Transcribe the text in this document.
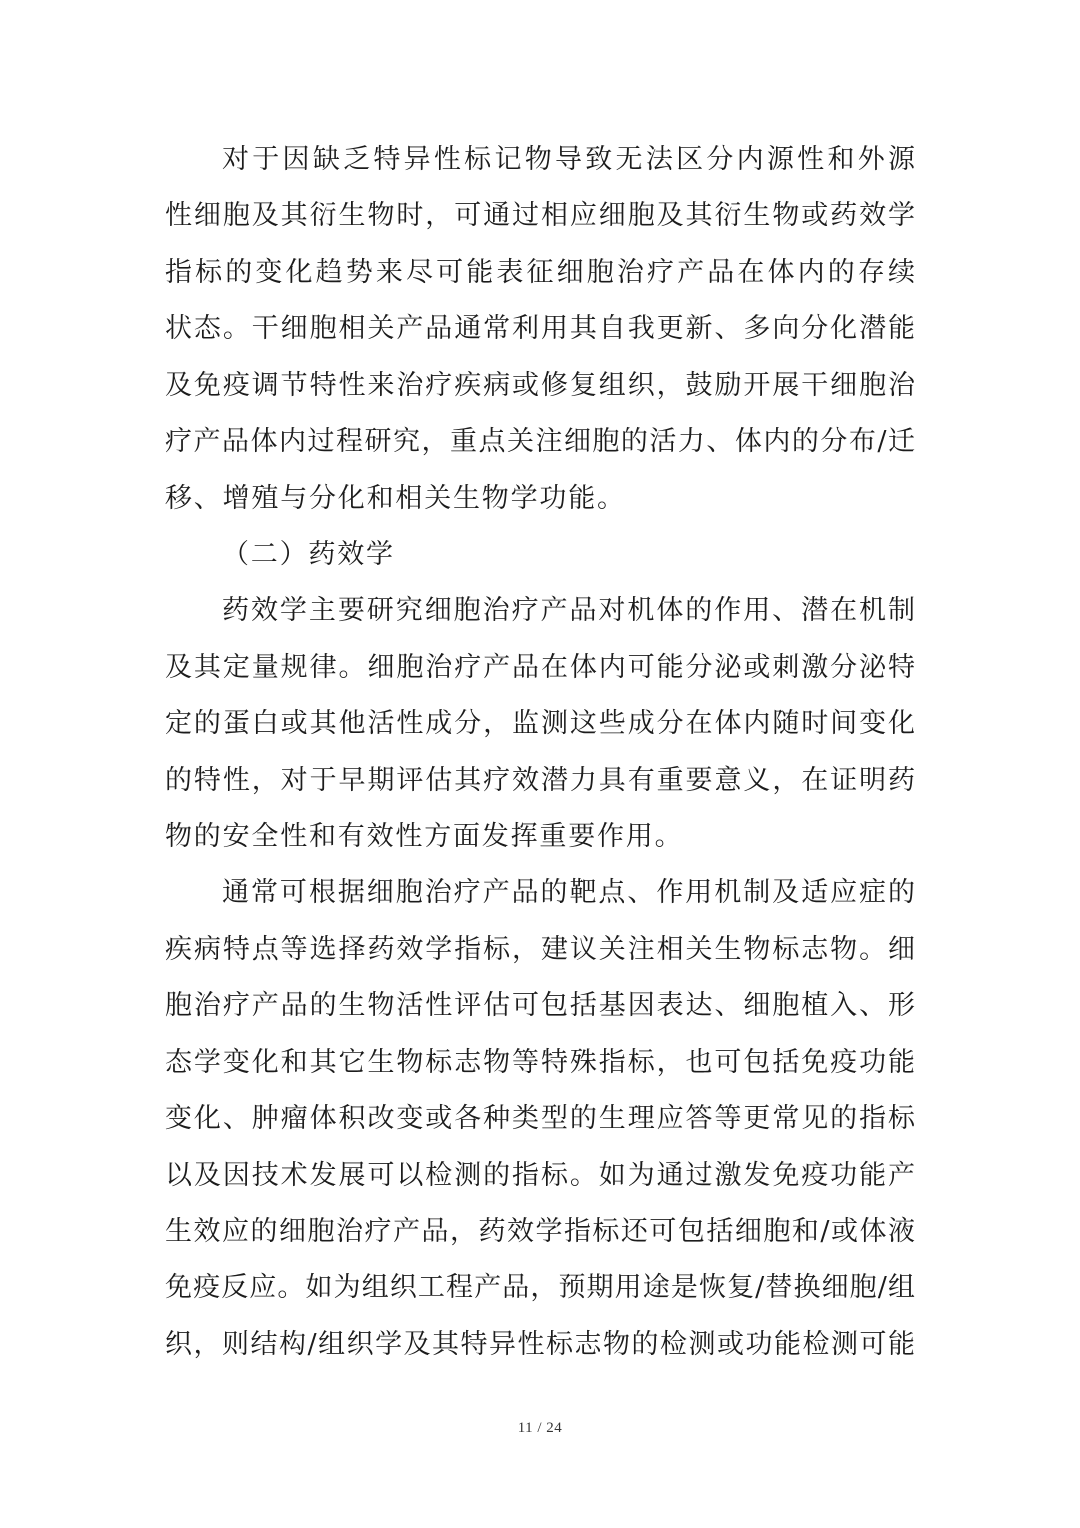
对于因缺乏特异性标记物导致无法区分内源性和外源
性细胞及其衍生物时，可通过相应细胞及其衍生物或药效学
指标的变化趋势来尽可能表征细胞治疗产品在体内的存续
状态。干细胞相关产品通常利用其自我更新、多向分化潜能
及免疫调节特性来治疗疾病或修复组织，鼓励开展干细胞治
疗产品体内过程研究，重点关注细胞的活力、体内的分布/迁
移、增殖与分化和相关生物学功能。
（二）药效学
药效学主要研究细胞治疗产品对机体的作用、潜在机制
及其定量规律。细胞治疗产品在体内可能分泌或刺激分泌特
定的蛋白或其他活性成分，监测这些成分在体内随时间变化
的特性，对于早期评估其疗效潜力具有重要意义，在证明药
物的安全性和有效性方面发挥重要作用。
通常可根据细胞治疗产品的靶点、作用机制及适应症的
疾病特点等选择药效学指标，建议关注相关生物标志物。细
胞治疗产品的生物活性评估可包括基因表达、细胞植入、形
态学变化和其它生物标志物等特殊指标，也可包括免疫功能
变化、肿瘤体积改变或各种类型的生理应答等更常见的指标
以及因技术发展可以检测的指标。如为通过激发免疫功能产
生效应的细胞治疗产品，药效学指标还可包括细胞和/或体液
免疫反应。如为组织工程产品，预期用途是恢复/替换细胞/组
织，则结构/组织学及其特异性标志物的检测或功能检测可能
11 / 24
